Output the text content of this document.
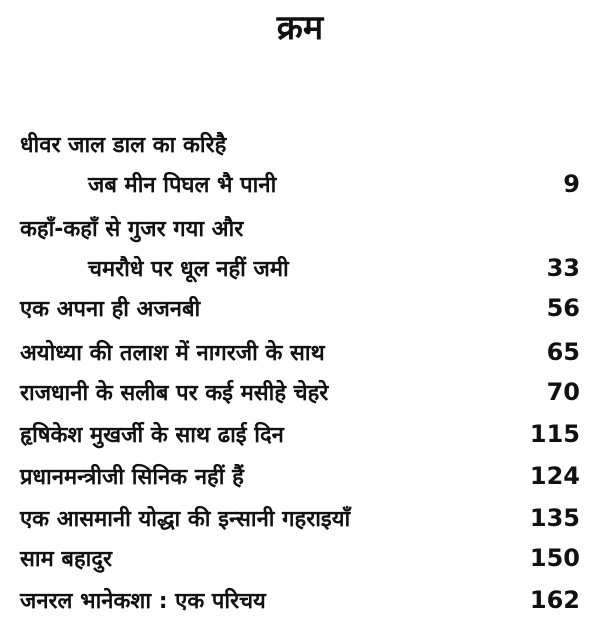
क्रम
धीवर जाल डाल का करिहै
जब मीन पिघल भै पानी	9
कहाँ-कहाँ से गुजर गया और
चमरौधे पर धूल नहीं जमी	33
एक अपना ही अजनबी	56
अयोध्या की तलाश में नागरजी के साथ	65
राजधानी के सलीब पर कई मसीहे चेहरे	70
हृषिकेश मुखर्जी के साथ ढाई दिन	115
प्रधानमन्त्रीजी सिनिक नहीं हैं	124
एक आसमानी योद्धा की इन्सानी गहराइयाँ	135
साम बहादुर	150
जनरल भानेकशा : एक परिचय	162
